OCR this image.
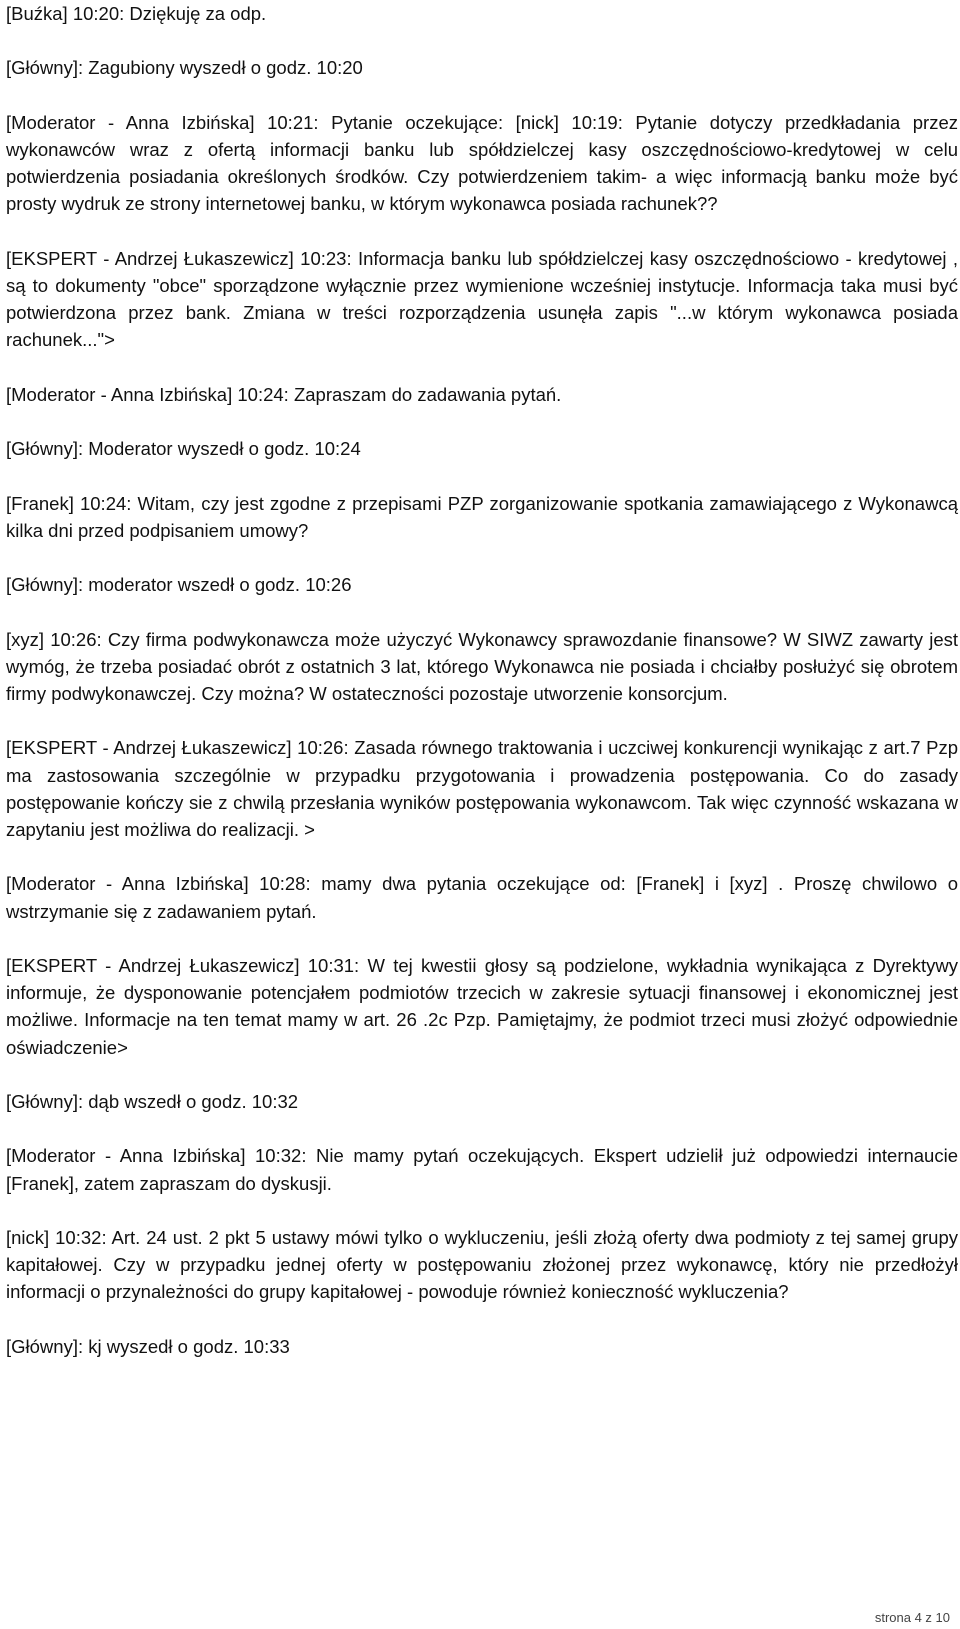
[Buźka] 10:20: Dziękuję za odp.

[Główny]: Zagubiony wyszedł o godz. 10:20

[Moderator - Anna Izbińska] 10:21: Pytanie oczekujące: [nick] 10:19: Pytanie dotyczy przedkładania przez wykonawców wraz z ofertą informacji banku lub spółdzielczej kasy oszczędnościowo-kredytowej w celu potwierdzenia posiadania określonych środków. Czy potwierdzeniem takim- a więc informacją banku może być prosty wydruk ze strony internetowej banku, w którym wykonawca posiada rachunek??

[EKSPERT - Andrzej Łukaszewicz] 10:23: Informacja banku lub spółdzielczej kasy oszczędnościowo - kredytowej , są to dokumenty "obce" sporządzone wyłącznie przez wymienione wcześniej instytucje. Informacja taka musi być potwierdzona przez bank. Zmiana w treści rozporządzenia usunęła zapis "...w którym wykonawca posiada rachunek...">

[Moderator - Anna Izbińska] 10:24: Zapraszam do zadawania pytań.

[Główny]: Moderator wyszedł o godz. 10:24

[Franek] 10:24: Witam, czy jest zgodne z przepisami PZP zorganizowanie spotkania zamawiającego z Wykonawcą kilka dni przed podpisaniem umowy?

[Główny]: moderator wszedł o godz. 10:26

[xyz] 10:26: Czy firma podwykonawcza może użyczyć Wykonawcy sprawozdanie finansowe? W SIWZ zawarty jest wymóg, że trzeba posiadać obrót z ostatnich 3 lat, którego Wykonawca nie posiada i chciałby posłużyć się obrotem firmy podwykonawczej. Czy można? W ostateczności pozostaje utworzenie konsorcjum.

[EKSPERT - Andrzej Łukaszewicz] 10:26: Zasada równego traktowania i uczciwej konkurencji wynikając z art.7 Pzp ma zastosowania szczególnie w przypadku przygotowania i prowadzenia postępowania. Co do zasady postępowanie kończy sie z chwilą przesłania wyników postępowania wykonawcom. Tak więc czynność wskazana w zapytaniu jest możliwa do realizacji. >

[Moderator - Anna Izbińska] 10:28: mamy dwa pytania oczekujące od: [Franek] i [xyz] . Proszę chwilowo o wstrzymanie się z zadawaniem pytań.

[EKSPERT - Andrzej Łukaszewicz] 10:31: W tej kwestii głosy są podzielone, wykładnia wynikająca z Dyrektywy informuje, że dysponowanie potencjałem podmiotów trzecich w zakresie sytuacji finansowej i ekonomicznej jest możliwe. Informacje na ten temat mamy w art. 26 .2c Pzp. Pamiętajmy, że podmiot trzeci musi złożyć odpowiednie oświadczenie>

[Główny]: dąb wszedł o godz. 10:32

[Moderator - Anna Izbińska] 10:32: Nie mamy pytań oczekujących. Ekspert udzielił już odpowiedzi internaucie [Franek], zatem zapraszam do dyskusji.

[nick] 10:32: Art. 24 ust. 2 pkt 5 ustawy mówi tylko o wykluczeniu, jeśli złożą oferty dwa podmioty z tej samej grupy kapitałowej. Czy w przypadku jednej oferty w postępowaniu złożonej przez wykonawcę, który nie przedłożył informacji o przynależności do grupy kapitałowej - powoduje również konieczność wykluczenia?

[Główny]: kj wyszedł o godz. 10:33

strona 4 z 10
